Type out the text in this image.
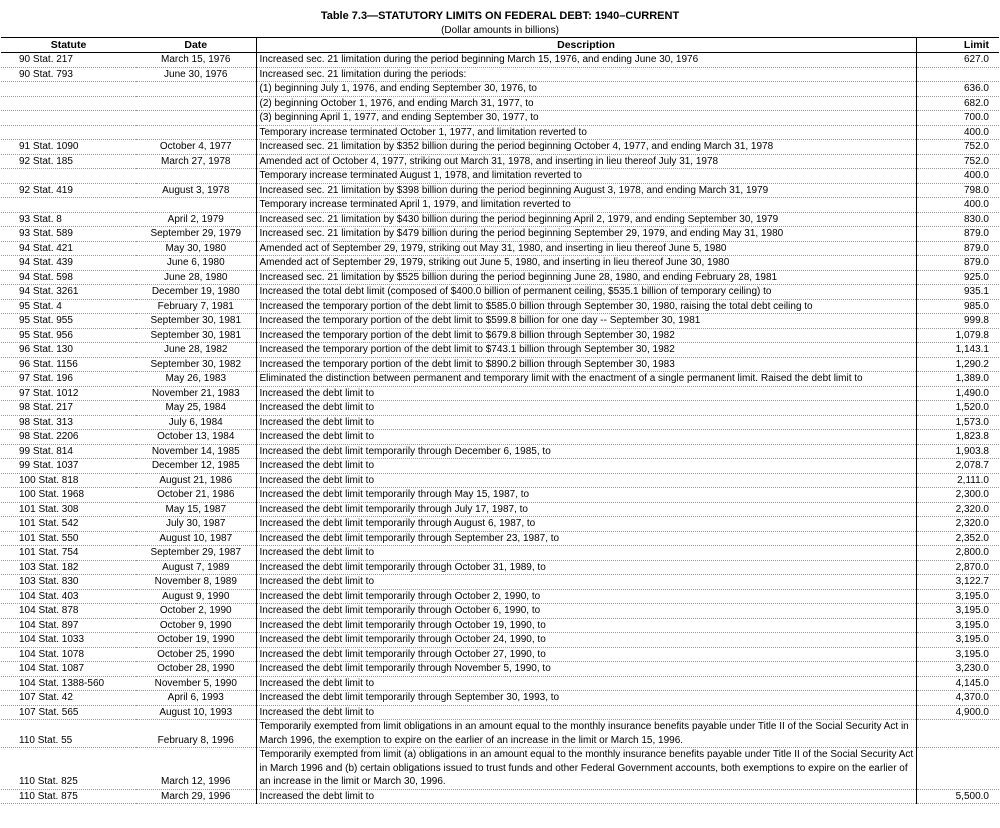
Table 7.3—STATUTORY LIMITS ON FEDERAL DEBT: 1940–CURRENT
(Dollar amounts in billions)
Statute	Date	Description	Limit
90 Stat. 217	March 15, 1976	Increased sec. 21 limitation during the period beginning March 15, 1976, and ending June 30, 1976	627.0
90 Stat. 793	June 30, 1976	Increased sec. 21 limitation during the periods:	
		(1) beginning July 1, 1976, and ending September 30, 1976, to	636.0
		(2) beginning October 1, 1976, and ending March 31, 1977, to	682.0
		(3) beginning April 1, 1977, and ending September 30, 1977, to	700.0
		Temporary increase terminated October 1, 1977, and limitation reverted to	400.0
91 Stat. 1090	October 4, 1977	Increased sec. 21 limitation by $352 billion during the period beginning October 4, 1977, and ending March 31, 1978	752.0
92 Stat. 185	March 27, 1978	Amended act of October 4, 1977, striking out March 31, 1978, and inserting in lieu thereof July 31, 1978	752.0
		Temporary increase terminated August 1, 1978, and limitation reverted to	400.0
92 Stat. 419	August 3, 1978	Increased sec. 21 limitation by $398 billion during the period beginning August 3, 1978, and ending March 31, 1979	798.0
		Temporary increase terminated April 1, 1979, and limitation reverted to	400.0
93 Stat. 8	April 2, 1979	Increased sec. 21 limitation by $430 billion during the period beginning April 2, 1979, and ending September 30, 1979	830.0
93 Stat. 589	September 29, 1979	Increased sec. 21 limitation by $479 billion during the period beginning September 29, 1979, and ending May 31, 1980	879.0
94 Stat. 421	May 30, 1980	Amended act of September 29, 1979, striking out May 31, 1980, and inserting in lieu thereof June 5, 1980	879.0
94 Stat. 439	June 6, 1980	Amended act of September 29, 1979, striking out June 5, 1980, and inserting in lieu thereof June 30, 1980	879.0
94 Stat. 598	June 28, 1980	Increased sec. 21 limitation by $525 billion during the period beginning June 28, 1980, and ending February 28, 1981	925.0
94 Stat. 3261	December 19, 1980	Increased the total debt limit (composed of $400.0 billion of permanent ceiling, $535.1 billion of temporary ceiling) to	935.1
95 Stat. 4	February 7, 1981	Increased the temporary portion of the debt limit to $585.0 billion through September 30, 1980, raising the total debt ceiling to	985.0
95 Stat. 955	September 30, 1981	Increased the temporary portion of the debt limit to $599.8 billion for one day -- September 30, 1981	999.8
95 Stat. 956	September 30, 1981	Increased the temporary portion of the debt limit to $679.8 billion through September 30, 1982	1,079.8
96 Stat. 130	June 28, 1982	Increased the temporary portion of the debt limit to $743.1 billion through September 30, 1982	1,143.1
96 Stat. 1156	September 30, 1982	Increased the temporary portion of the debt limit to $890.2 billion through September 30, 1983	1,290.2
97 Stat. 196	May 26, 1983	Eliminated the distinction between permanent and temporary limit with the enactment of a single permanent limit. Raised the debt limit to	1,389.0
97 Stat. 1012	November 21, 1983	Increased the debt limit to	1,490.0
98 Stat. 217	May 25, 1984	Increased the debt limit to	1,520.0
98 Stat. 313	July 6, 1984	Increased the debt limit to	1,573.0
98 Stat. 2206	October 13, 1984	Increased the debt limit to	1,823.8
99 Stat. 814	November 14, 1985	Increased the debt limit temporarily through December 6, 1985, to	1,903.8
99 Stat. 1037	December 12, 1985	Increased the debt limit to	2,078.7
100 Stat. 818	August 21, 1986	Increased the debt limit to	2,111.0
100 Stat. 1968	October 21, 1986	Increased the debt limit temporarily through May 15, 1987, to	2,300.0
101 Stat. 308	May 15, 1987	Increased the debt limit temporarily through July 17, 1987, to	2,320.0
101 Stat. 542	July 30, 1987	Increased the debt limit temporarily through August 6, 1987, to	2,320.0
101 Stat. 550	August 10, 1987	Increased the debt limit temporarily through September 23, 1987, to	2,352.0
101 Stat. 754	September 29, 1987	Increased the debt limit to	2,800.0
103 Stat. 182	August 7, 1989	Increased the debt limit temporarily through October 31, 1989, to	2,870.0
103 Stat. 830	November 8, 1989	Increased the debt limit to	3,122.7
104 Stat. 403	August 9, 1990	Increased the debt limit temporarily through October 2, 1990, to	3,195.0
104 Stat. 878	October 2, 1990	Increased the debt limit temporarily through October 6, 1990, to	3,195.0
104 Stat. 897	October 9, 1990	Increased the debt limit temporarily through October 19, 1990, to	3,195.0
104 Stat. 1033	October 19, 1990	Increased the debt limit temporarily through October 24, 1990, to	3,195.0
104 Stat. 1078	October 25, 1990	Increased the debt limit temporarily through October 27, 1990, to	3,195.0
104 Stat. 1087	October 28, 1990	Increased the debt limit temporarily through November 5, 1990, to	3,230.0
104 Stat. 1388-560	November 5, 1990	Increased the debt limit to	4,145.0
107 Stat. 42	April 6, 1993	Increased the debt limit temporarily through September 30, 1993, to	4,370.0
107 Stat. 565	August 10, 1993	Increased the debt limit to	4,900.0
110 Stat. 55	February 8, 1996	Temporarily exempted from limit obligations in an amount equal to the monthly insurance benefits payable under Title II of the Social Security Act in March 1996, the exemption to expire on the earlier of an increase in the limit or March 15, 1996.	
110 Stat. 825	March 12, 1996	Temporarily exempted from limit (a) obligations in an amount equal to the monthly insurance benefits payable under Title II of the Social Security Act in March 1996 and (b) certain obligations issued to trust funds and other Federal Government accounts, both exemptions to expire on the earlier of an increase in the limit or March 30, 1996.	
110 Stat. 875	March 29, 1996	Increased the debt limit to	5,500.0
